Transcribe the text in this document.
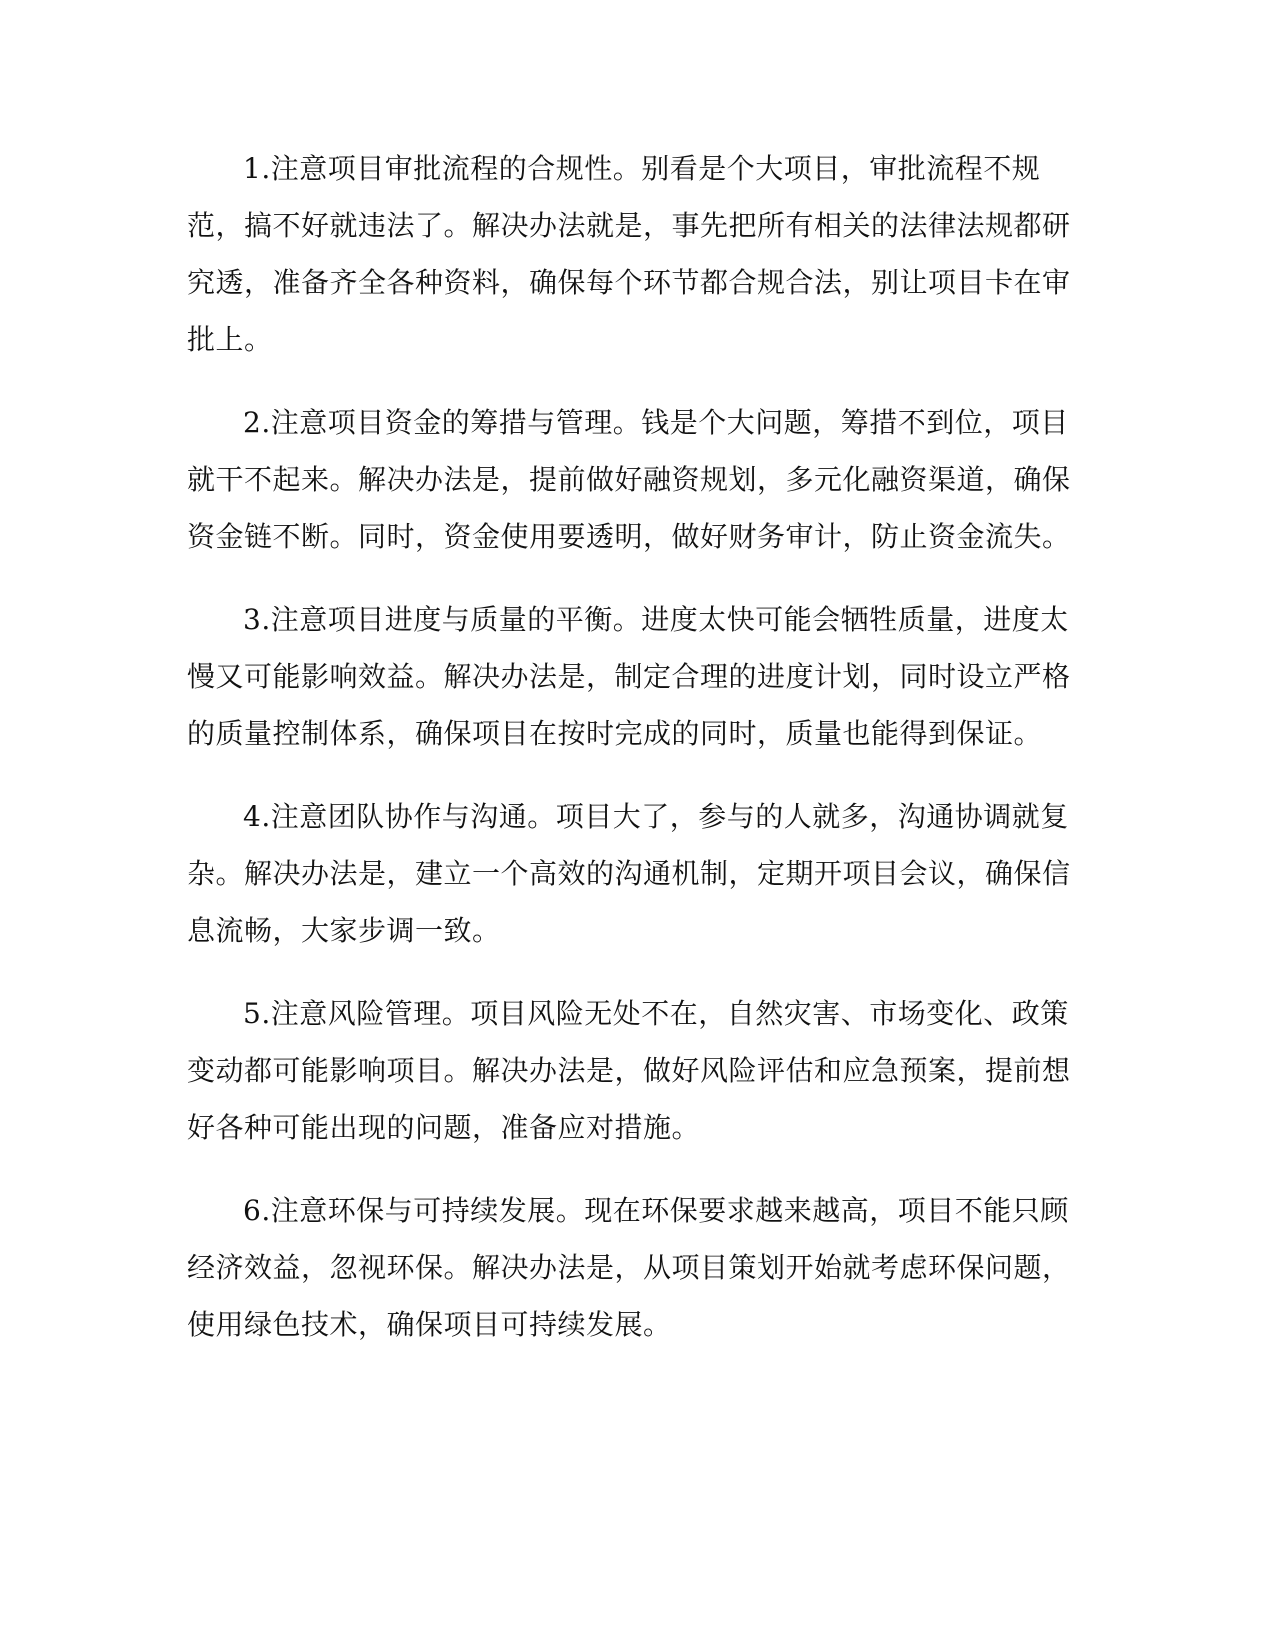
1.注意项目审批流程的合规性。别看是个大项目，审批流程不规范，搞不好就违法了。解决办法就是，事先把所有相关的法律法规都研究透，准备齐全各种资料，确保每个环节都合规合法，别让项目卡在审批上。

2.注意项目资金的筹措与管理。钱是个大问题，筹措不到位，项目就干不起来。解决办法是，提前做好融资规划，多元化融资渠道，确保资金链不断。同时，资金使用要透明，做好财务审计，防止资金流失。

3.注意项目进度与质量的平衡。进度太快可能会牺牲质量，进度太慢又可能影响效益。解决办法是，制定合理的进度计划，同时设立严格的质量控制体系，确保项目在按时完成的同时，质量也能得到保证。

4.注意团队协作与沟通。项目大了，参与的人就多，沟通协调就复杂。解决办法是，建立一个高效的沟通机制，定期开项目会议，确保信息流畅，大家步调一致。

5.注意风险管理。项目风险无处不在，自然灾害、市场变化、政策变动都可能影响项目。解决办法是，做好风险评估和应急预案，提前想好各种可能出现的问题，准备应对措施。

6.注意环保与可持续发展。现在环保要求越来越高，项目不能只顾经济效益，忽视环保。解决办法是，从项目策划开始就考虑环保问题，使用绿色技术，确保项目可持续发展。
